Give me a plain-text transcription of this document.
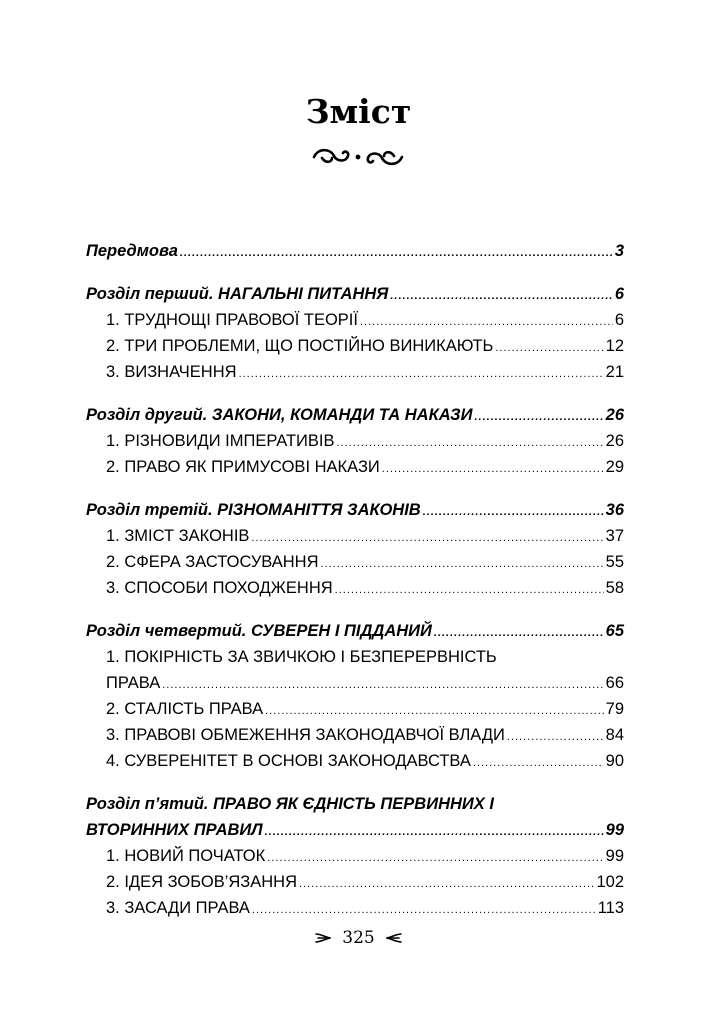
Зміст
Передмова .....	3
Розділ перший. НАГАЛЬНІ ПИТАННЯ .....	6
1. ТРУДНОЩІ ПРАВОВОЇ ТЕОРІЇ .....	6
2. ТРИ ПРОБЛЕМИ, ЩО ПОСТІЙНО ВИНИКАЮТЬ .....	12
3. ВИЗНАЧЕННЯ .....	21
Розділ другий. ЗАКОНИ, КОМАНДИ ТА НАКАЗИ .....	26
1. РІЗНОВИДИ ІМПЕРАТИВІВ .....	26
2. ПРАВО ЯК ПРИМУСОВІ НАКАЗИ .....	29
Розділ третій. РІЗНОМАНІТТЯ ЗАКОНІВ .....	36
1. ЗМІСТ ЗАКОНІВ .....	37
2. СФЕРА ЗАСТОСУВАННЯ .....	55
3. СПОСОБИ ПОХОДЖЕННЯ .....	58
Розділ четвертий. СУВЕРЕН І ПІДДАНИЙ .....	65
1. ПОКІРНІСТЬ ЗА ЗВИЧКОЮ І БЕЗПЕРЕРВНІСТЬ
ПРАВА .....	66
2. СТАЛІСТЬ ПРАВА .....	79
3. ПРАВОВІ ОБМЕЖЕННЯ ЗАКОНОДАВЧОЇ ВЛАДИ .....	84
4. СУВЕРЕНІТЕТ В ОСНОВІ ЗАКОНОДАВСТВА .....	90
Розділ п’ятий. ПРАВО ЯК ЄДНІСТЬ ПЕРВИННИХ І
ВТОРИННИХ ПРАВИЛ .....	99
1. НОВИЙ ПОЧАТОК .....	99
2. ІДЕЯ ЗОБОВ’ЯЗАННЯ .....	102
3. ЗАСАДИ ПРАВА .....	113
325
